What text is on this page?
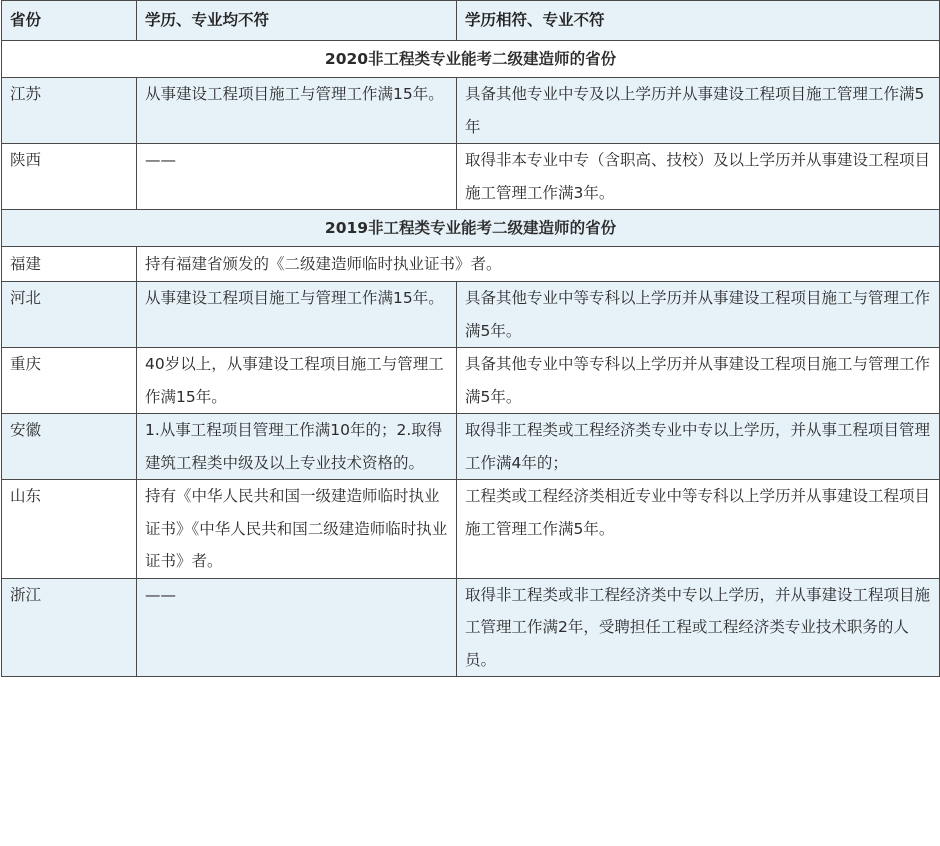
省份	学历、专业均不符	学历相符、专业不符
2020非工程类专业能考二级建造师的省份		
江苏	从事建设工程项目施工与管理工作满15年。	具备其他专业中专及以上学历并从事建设工程项目施工管理工作满5年
陕西	——	取得非本专业中专（含职高、技校）及以上学历并从事建设工程项目施工管理工作满3年。
2019非工程类专业能考二级建造师的省份		
福建	持有福建省颁发的《二级建造师临时执业证书》者。	
河北	从事建设工程项目施工与管理工作满15年。	具备其他专业中等专科以上学历并从事建设工程项目施工与管理工作满5年。
重庆	40岁以上，从事建设工程项目施工与管理工作满15年。	具备其他专业中等专科以上学历并从事建设工程项目施工与管理工作满5年。
安徽	1.从事工程项目管理工作满10年的；2.取得建筑工程类中级及以上专业技术资格的。	取得非工程类或工程经济类专业中专以上学历，并从事工程项目管理工作满4年的；
山东	持有《中华人民共和国一级建造师临时执业证书》《中华人民共和国二级建造师临时执业证书》者。	工程类或工程经济类相近专业中等专科以上学历并从事建设工程项目施工管理工作满5年。
浙江	——	取得非工程类或非工程经济类中专以上学历，并从事建设工程项目施工管理工作满2年，受聘担任工程或工程经济类专业技术职务的人员。
